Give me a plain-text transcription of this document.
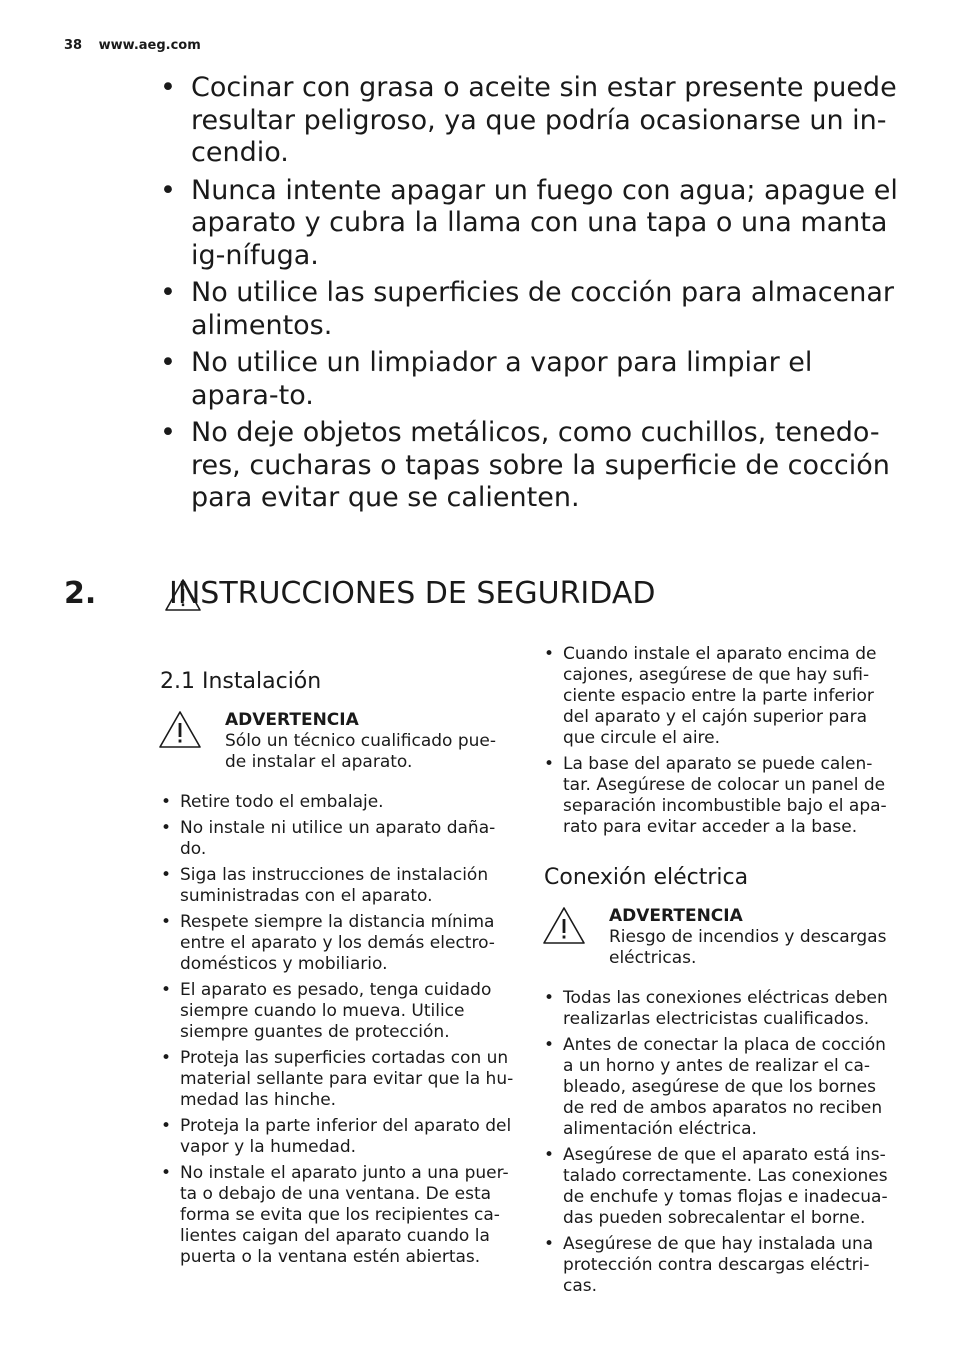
38 www.aeg.com
• Cocinar con grasa o aceite sin estar presente puede resultar peligroso, ya que podría ocasionarse un in-cendio.
• Nunca intente apagar un fuego con agua; apague el aparato y cubra la llama con una tapa o una manta ig-nífuga.
• No utilice las superficies de cocción para almacenar alimentos.
• No utilice un limpiador a vapor para limpiar el apara-to.
• No deje objetos metálicos, como cuchillos, tenedo-res, cucharas o tapas sobre la superficie de cocción para evitar que se calienten.
2. INSTRUCCIONES DE SEGURIDAD
2.1 Instalación
ADVERTENCIA
Sólo un técnico cualificado pue-de instalar el aparato.
• Retire todo el embalaje.
• No instale ni utilice un aparato daña-do.
• Siga las instrucciones de instalación suministradas con el aparato.
• Respete siempre la distancia mínima entre el aparato y los demás electro-domésticos y mobiliario.
• El aparato es pesado, tenga cuidado siempre cuando lo mueva. Utilice siempre guantes de protección.
• Proteja las superficies cortadas con un material sellante para evitar que la hu-medad las hinche.
• Proteja la parte inferior del aparato del vapor y la humedad.
• No instale el aparato junto a una puer-ta o debajo de una ventana. De esta forma se evita que los recipientes ca-lientes caigan del aparato cuando la puerta o la ventana estén abiertas.
• Cuando instale el aparato encima de cajones, asegúrese de que hay sufi-ciente espacio entre la parte inferior del aparato y el cajón superior para que circule el aire.
• La base del aparato se puede calen-tar. Asegúrese de colocar un panel de separación incombustible bajo el apa-rato para evitar acceder a la base.
Conexión eléctrica
ADVERTENCIA
Riesgo de incendios y descargas eléctricas.
• Todas las conexiones eléctricas deben realizarlas electricistas cualificados.
• Antes de conectar la placa de cocción a un horno y antes de realizar el ca-bleado, asegúrese de que los bornes de red de ambos aparatos no reciben alimentación eléctrica.
• Asegúrese de que el aparato está ins-talado correctamente. Las conexiones de enchufe y tomas flojas e inadecua-das pueden sobrecalentar el borne.
• Asegúrese de que hay instalada una protección contra descargas eléctri-cas.
